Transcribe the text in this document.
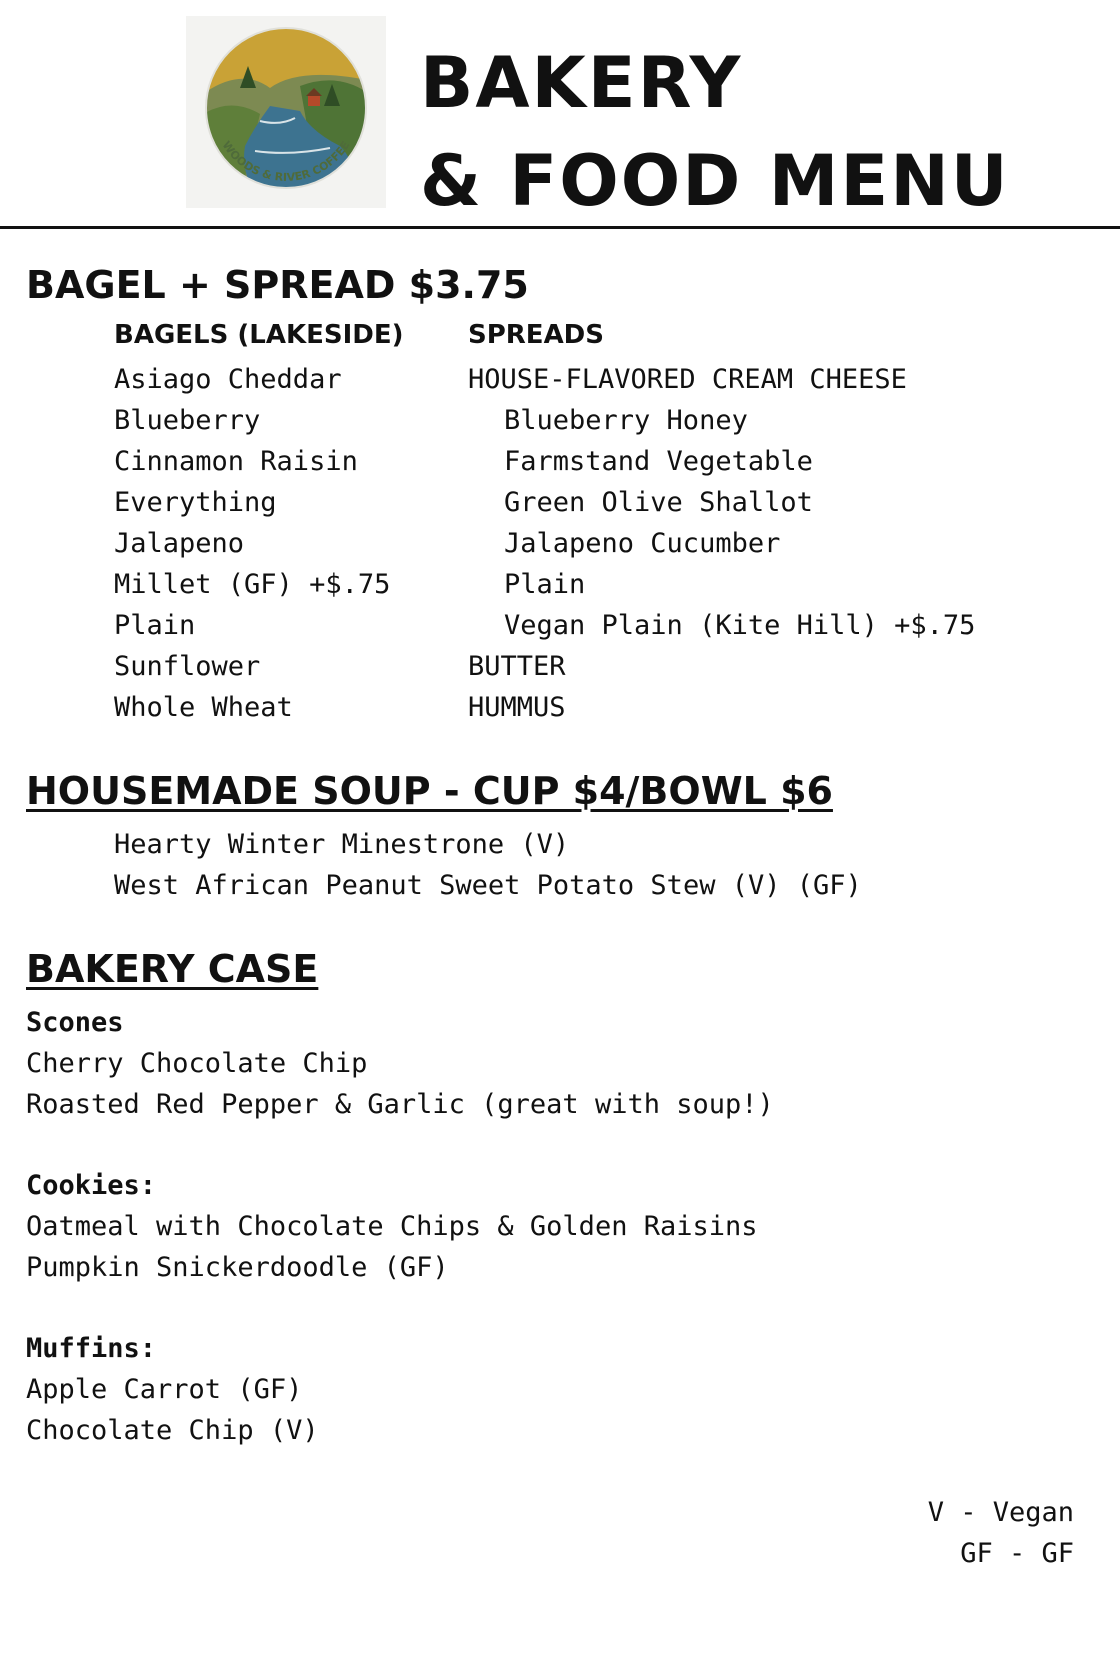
WOODS & RIVER COFFEE
BAKERY
& FOOD MENU
BAGEL + SPREAD $3.75
BAGELS (LAKESIDE) SPREADS
Asiago Cheddar
Blueberry
Cinnamon Raisin
Everything
Jalapeno
Millet (GF) +$.75
Plain
Sunflower
Whole Wheat
HOUSE-FLAVORED CREAM CHEESE
Blueberry Honey
Farmstand Vegetable
Green Olive Shallot
Jalapeno Cucumber
Plain
Vegan Plain (Kite Hill) +$.75
BUTTER
HUMMUS
HOUSEMADE SOUP - CUP $4/BOWL $6
Hearty Winter Minestrone (V)
West African Peanut Sweet Potato Stew (V) (GF)
BAKERY CASE
Scones
Cherry Chocolate Chip
Roasted Red Pepper & Garlic (great with soup!)
Cookies:
Oatmeal with Chocolate Chips & Golden Raisins
Pumpkin Snickerdoodle (GF)
Muffins:
Apple Carrot (GF)
Chocolate Chip (V)
V - Vegan
GF - GF
